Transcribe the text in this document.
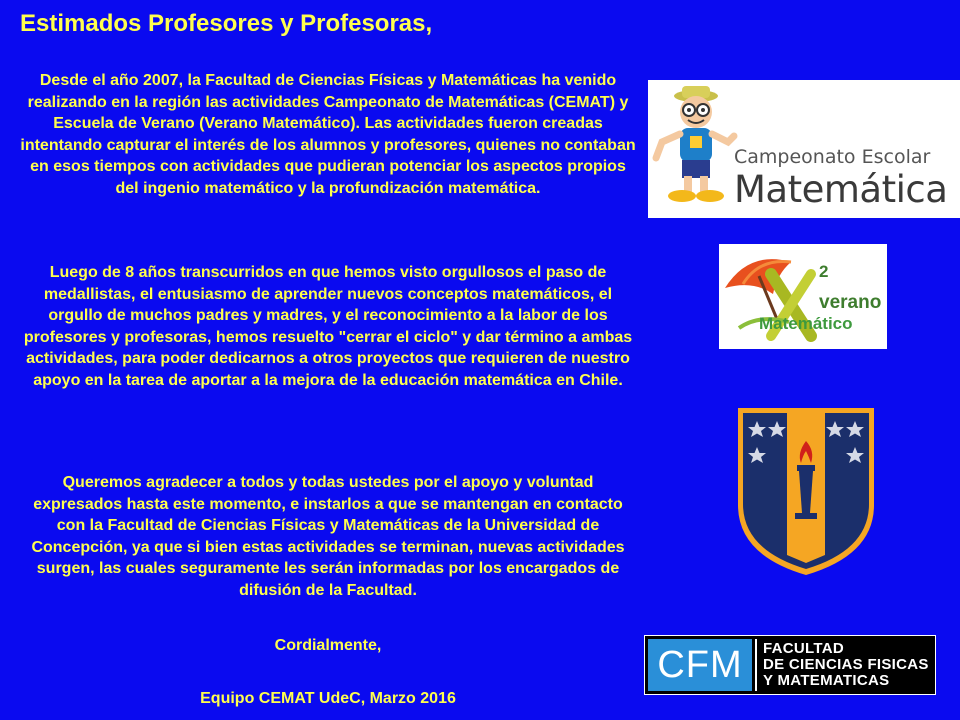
Estimados Profesores y Profesoras,

Desde el año 2007, la Facultad de Ciencias Físicas y Matemáticas ha venido realizando en la región las actividades Campeonato de Matemáticas (CEMAT) y Escuela de Verano (Verano Matemático). Las actividades fueron creadas intentando capturar el interés de los alumnos y profesores, quienes no contaban en esos tiempos con actividades que pudieran potenciar los aspectos propios del ingenio matemático y la profundización matemática.

Luego de 8 años transcurridos en que hemos visto orgullosos el paso de medallistas, el entusiasmo de aprender nuevos conceptos matemáticos, el orgullo de muchos padres y madres, y el reconocimiento a la labor de los profesores y profesoras, hemos resuelto "cerrar el ciclo" y dar término a ambas actividades, para poder dedicarnos a otros proyectos que requieren de nuestro apoyo en la tarea de aportar a la mejora de la educación matemática en Chile.

Queremos agradecer a todos y todas ustedes por el apoyo y voluntad expresados hasta este momento, e instarlos a que se mantengan en contacto con la Facultad de Ciencias Físicas y Matemáticas de la Universidad de Concepción, ya que si bien estas actividades se terminan, nuevas actividades surgen, las cuales seguramente les serán informadas por los encargados de difusión de la Facultad.

Cordialmente,

Equipo CEMAT UdeC, Marzo 2016

Campeonato Escolar
Matemática
2
verano
Matemático
CFM	FACULTAD
DE CIENCIAS FISICAS
Y MATEMATICAS
